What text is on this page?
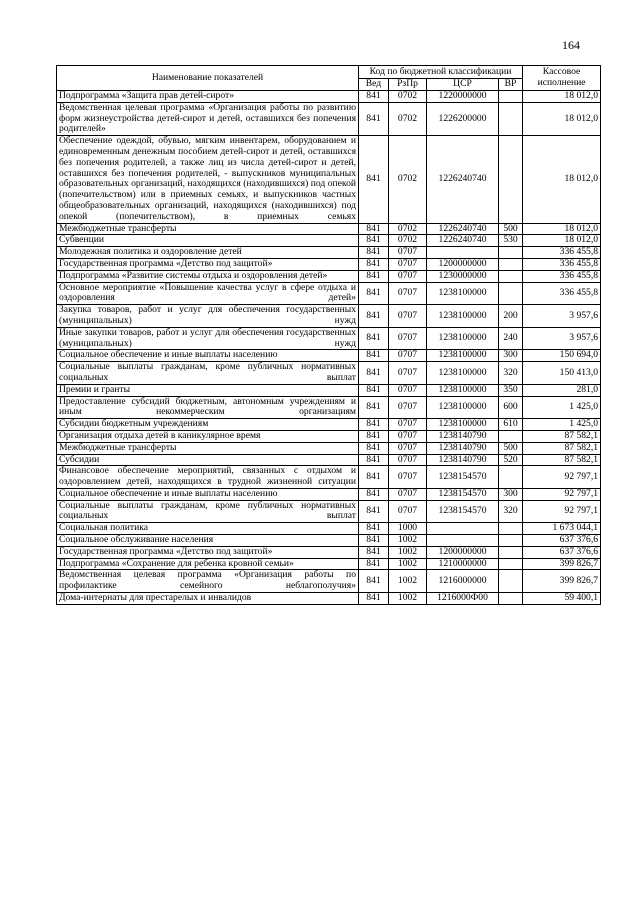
164
Наименование показателей	Код по бюджетной классификации				Кассовое исполнение
	Вед	РзПр	ЦСР	ВР	
Подпрограмма «Защита прав детей-сирот»	841	0702	1220000000		18 012,0
Ведомственная целевая программа «Организация работы по развитию форм жизнеустройства детей-сирот и детей, оставшихся без попечения родителей»	841	0702	1226200000		18 012,0
Обеспечение одеждой, обувью, мягким инвентарем, оборудованием и единовременным денежным пособием детей-сирот и детей, оставшихся без попечения родителей, а также лиц из числа детей-сирот и детей, оставшихся без попечения родителей, - выпускников муниципальных образовательных организаций, находящихся (находившихся) под опекой (попечительством) или в приемных семьях, и выпускников частных общеобразовательных организаций, находящихся (находившихся) под опекой (попечительством), в приемных семьях	841	0702	1226240740		18 012,0
Межбюджетные трансферты	841	0702	1226240740	500	18 012,0
Субвенции	841	0702	1226240740	530	18 012,0
Молодежная политика и оздоровление детей	841	0707			336 455,8
Государственная программа «Детство под защитой»	841	0707	1200000000		336 455,8
Подпрограмма «Развитие системы отдыха и оздоровления детей»	841	0707	1230000000		336 455,8
Основное мероприятие «Повышение качества услуг в сфере отдыха и оздоровления детей»	841	0707	1238100000		336 455,8
Закупка товаров, работ и услуг для обеспечения государственных (муниципальных) нужд	841	0707	1238100000	200	3 957,6
Иные закупки товаров, работ и услуг для обеспечения государственных (муниципальных) нужд	841	0707	1238100000	240	3 957,6
Социальное обеспечение и иные выплаты населению	841	0707	1238100000	300	150 694,0
Социальные выплаты гражданам, кроме публичных нормативных социальных выплат	841	0707	1238100000	320	150 413,0
Премии и гранты	841	0707	1238100000	350	281,0
Предоставление субсидий бюджетным, автономным учреждениям и иным некоммерческим организациям	841	0707	1238100000	600	1 425,0
Субсидии бюджетным учреждениям	841	0707	1238100000	610	1 425,0
Организация отдыха детей в каникулярное время	841	0707	1238140790		87 582,1
Межбюджетные трансферты	841	0707	1238140790	500	87 582,1
Субсидии	841	0707	1238140790	520	87 582,1
Финансовое обеспечение мероприятий, связанных с отдыхом и оздоровлением детей, находящихся в трудной жизненной ситуации	841	0707	1238154570		92 797,1
Социальное обеспечение и иные выплаты населению	841	0707	1238154570	300	92 797,1
Социальные выплаты гражданам, кроме публичных нормативных социальных выплат	841	0707	1238154570	320	92 797,1
Социальная политика	841	1000			1 673 044,1
Социальное обслуживание населения	841	1002			637 376,6
Государственная программа «Детство под защитой»	841	1002	1200000000		637 376,6
Подпрограмма «Сохранение для ребенка кровной семьи»	841	1002	1210000000		399 826,7
Ведомственная целевая программа «Организация работы по профилактике семейного неблагополучия»	841	1002	1216000000		399 826,7
Дома-интернаты для престарелых и инвалидов	841	1002	1216000Ф00		59 400,1
